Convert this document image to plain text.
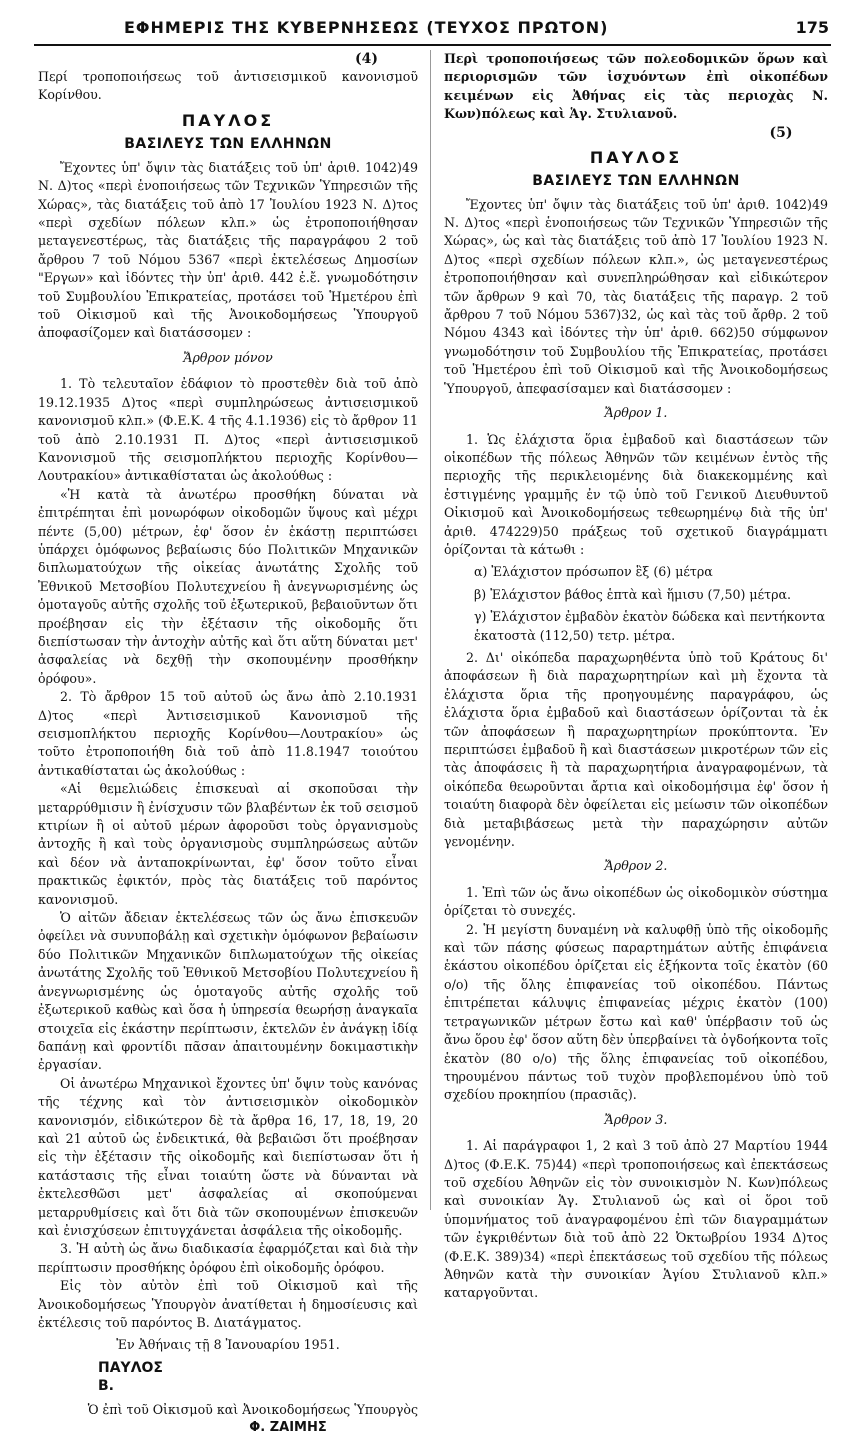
ΕΦΗΜΕΡΙΣ ΤΗΣ ΚΥΒΕΡΝΗΣΕΩΣ (ΤΕΥΧΟΣ ΠΡΩΤΟΝ)	175
(4)

Περί τροποποιήσεως τοῦ ἀντισεισμικοῦ κανονισμοῦ Κορίνθου.

ΠΑΥΛΟΣ
ΒΑΣΙΛΕΥΣ ΤΩΝ ΕΛΛΗΝΩΝ

Ἔχοντες ὑπ' ὄψιν τὰς διατάξεις τοῦ ὑπ' ἀριθ. 1042)49 Ν. Δ)τος «περὶ ἑνοποιήσεως τῶν Τεχνικῶν Ὑπηρεσιῶν τῆς Χώρας», τὰς διατάξεις τοῦ ἀπὸ 17 Ἰουλίου 1923 Ν. Δ)τος «περὶ σχεδίων πόλεων κλπ.» ὡς ἐτροποποιήθησαν μεταγενεστέρως, τὰς διατάξεις τῆς παραγράφου 2 τοῦ ἄρθρου 7 τοῦ Νόμου 5367 «περὶ ἐκτελέσεως Δημοσίων "Εργων» καὶ ἰδόντες τὴν ὑπ' ἀριθ. 442 ἐ.ἔ. γνωμοδότησιν τοῦ Συμβουλίου Ἐπικρατείας, προτάσει τοῦ Ἡμετέρου ἐπὶ τοῦ Οἰκισμοῦ καὶ τῆς Ἀνοικοδομήσεως Ὑπουργοῦ ἀποφασίζομεν καὶ διατάσσομεν :

Ἄρθρον μόνον

1. Τὸ τελευταῖον ἐδάφιον τὸ προστεθὲν διὰ τοῦ ἀπὸ 19.12.1935 Δ)τος «περὶ συμπληρώσεως ἀντισεισμικοῦ κανονισμοῦ κλπ.» (Φ.Ε.Κ. 4 τῆς 4.1.1936) εἰς τὸ ἄρθρον 11 τοῦ ἀπὸ 2.10.1931 Π. Δ)τος «περὶ ἀντισεισμικοῦ Κανονισμοῦ τῆς σεισμοπλήκτου περιοχῆς Κορίνθου—Λουτρακίου» ἀντικαθίσταται ὡς ἀκολούθως :

«Ἡ κατὰ τὰ ἀνωτέρω προσθήκη δύναται νὰ ἐπιτρέπηται ἐπὶ μονωρόφων οἰκοδομῶν ὕψους καὶ μέχρι πέντε (5,00) μέτρων, ἐφ' ὅσον ἐν ἑκάστῃ περιπτώσει ὑπάρχει ὁμόφωνος βεβαίωσις δύο Πολιτικῶν Μηχανικῶν διπλωματούχων τῆς οἰκείας ἀνωτάτης Σχολῆς τοῦ Ἐθνικοῦ Μετσοβίου Πολυτεχνείου ἢ ἀνεγνωρισμένης ὡς ὁμοταγοῦς αὐτῆς σχολῆς τοῦ ἐξωτερικοῦ, βεβαιοῦντων ὅτι προέβησαν εἰς τὴν ἐξέτασιν τῆς οἰκοδομῆς ὅτι διεπίστωσαν τὴν ἀντοχὴν αὐτῆς καὶ ὅτι αὕτη δύναται μετ' ἀσφαλείας νὰ δεχθῇ τὴν σκοπουμένην προσθήκην ὀρόφου».

2. Τὸ ἄρθρον 15 τοῦ αὐτοῦ ὡς ἄνω ἀπὸ 2.10.1931 Δ)τος «περὶ Ἀντισεισμικοῦ Κανονισμοῦ τῆς σεισμοπλήκτου περιοχῆς Κορίνθου—Λουτρακίου» ὡς τοῦτο ἐτροποποιήθη διὰ τοῦ ἀπὸ 11.8.1947 τοιούτου ἀντικαθίσταται ὡς ἀκολούθως :

«Αἱ θεμελιώδεις ἐπισκευαὶ αἱ σκοποῦσαι τὴν μεταρρύθμισιν ἢ ἐνίσχυσιν τῶν βλαβέντων ἐκ τοῦ σεισμοῦ κτιρίων ἢ οἱ αὐτοῦ μέρων ἀφοροῦσι τοὺς ὀργανισμοὺς ἀντοχῆς ἢ καὶ τοὺς ὀργανισμοὺς συμπληρώσεως αὐτῶν καὶ δέον νὰ ἀνταποκρίνωνται, ἐφ' ὅσον τοῦτο εἶναι πρακτικῶς ἐφικτόν, πρὸς τὰς διατάξεις τοῦ παρόντος κανονισμοῦ.

Ὁ αἰτῶν ἄδειαν ἐκτελέσεως τῶν ὡς ἄνω ἐπισκευῶν ὀφείλει νὰ συνυποβάλῃ καὶ σχετικὴν ὁμόφωνον βεβαίωσιν δύο Πολιτικῶν Μηχανικῶν διπλωματούχων τῆς οἰκείας ἀνωτάτης Σχολῆς τοῦ Ἐθνικοῦ Μετσοβίου Πολυτεχνείου ἢ ἀνεγνωρισμένης ὡς ὁμοταγοῦς αὐτῆς σχολῆς τοῦ ἐξωτερικοῦ καθὼς καὶ ὅσα ἡ ὑπηρεσία θεωρήσῃ ἀναγκαῖα στοιχεῖα εἰς ἑκάστην περίπτωσιν, ἐκτελῶν ἐν ἀνάγκῃ ἰδίᾳ δαπάνῃ καὶ φροντίδι πᾶσαν ἀπαιτουμένην δοκιμαστικὴν ἐργασίαν.

Οἱ ἀνωτέρω Μηχανικοὶ ἔχοντες ὑπ' ὄψιν τοὺς κανόνας τῆς τέχνης καὶ τὸν ἀντισεισμικὸν οἰκοδομικὸν κανονισμόν, εἰδικώτερον δὲ τὰ ἄρθρα 16, 17, 18, 19, 20 καὶ 21 αὐτοῦ ὡς ἐνδεικτικά, θὰ βεβαιῶσι ὅτι προέβησαν εἰς τὴν ἐξέτασιν τῆς οἰκοδομῆς καὶ διεπίστωσαν ὅτι ἡ κατάστασις τῆς εἶναι τοιαύτη ὥστε νὰ δύνανται νὰ ἐκτελεσθῶσι μετ' ἀσφαλείας αἱ σκοπούμεναι μεταρρυθμίσεις καὶ ὅτι διὰ τῶν σκοπουμένων ἐπισκευῶν καὶ ἐνισχύσεων ἐπιτυγχάνεται ἀσφάλεια τῆς οἰκοδομῆς.

3. Ἡ αὐτὴ ὡς ἄνω διαδικασία ἐφαρμόζεται καὶ διὰ τὴν περίπτωσιν προσθήκης ὀρόφου ἐπὶ οἰκοδομῆς ὀρόφου.

Εἰς τὸν αὐτὸν ἐπὶ τοῦ Οἰκισμοῦ καὶ τῆς Ἀνοικοδομήσεως Ὑπουργὸν ἀνατίθεται ἡ δημοσίευσις καὶ ἐκτέλεσις τοῦ παρόντος Β. Διατάγματος.

Ἐν Ἀθήναις τῇ 8 Ἰανουαρίου 1951.
ΠΑΥΛΟΣ
Β.
Ὁ ἐπὶ τοῦ Οἰκισμοῦ καὶ Ἀνοικοδομήσεως Ὑπουργὸς
Φ. ΖΑΙΜΗΣ

Περὶ τροποποιήσεως τῶν πολεοδομικῶν ὅρων καὶ περιορισμῶν τῶν ἰσχυόντων ἐπὶ οἰκοπέδων κειμένων εἰς Ἀθήνας εἰς τὰς περιοχὰς Ν. Κων)πόλεως καὶ Ἁγ. Στυλιανοῦ.

(5)
ΠΑΥΛΟΣ
ΒΑΣΙΛΕΥΣ ΤΩΝ ΕΛΛΗΝΩΝ

Ἔχοντες ὑπ' ὄψιν τὰς διατάξεις τοῦ ὑπ' ἀριθ. 1042)49 Ν. Δ)τος «περὶ ἑνοποιήσεως τῶν Τεχνικῶν Ὑπηρεσιῶν τῆς Χώρας», ὡς καὶ τὰς διατάξεις τοῦ ἀπὸ 17 Ἰουλίου 1923 Ν. Δ)τος «περὶ σχεδίων πόλεων κλπ.», ὡς μεταγενεστέρως ἐτροποποιήθησαν καὶ συνεπληρώθησαν καὶ εἰδικώτερον τῶν ἄρθρων 9 καὶ 70, τὰς διατάξεις τῆς παραγρ. 2 τοῦ ἄρθρου 7 τοῦ Νόμου 5367)32, ὡς καὶ τὰς τοῦ ἄρθρ. 2 τοῦ Νόμου 4343 καὶ ἰδόντες τὴν ὑπ' ἀριθ. 662)50 σύμφωνον γνωμοδότησιν τοῦ Συμβουλίου τῆς Ἐπικρατείας, προτάσει τοῦ Ἡμετέρου ἐπὶ τοῦ Οἰκισμοῦ καὶ τῆς Ἀνοικοδομήσεως Ὑπουργοῦ, ἀπεφασίσαμεν καὶ διατάσσομεν :

Ἄρθρον 1.

1. Ὡς ἐλάχιστα ὅρια ἐμβαδοῦ καὶ διαστάσεων τῶν οἰκοπέδων τῆς πόλεως Ἀθηνῶν τῶν κειμένων ἐντὸς τῆς περιοχῆς τῆς περικλειομένης διὰ διακεκομμένης καὶ ἐστιγμένης γραμμῆς ἐν τῷ ὑπὸ τοῦ Γενικοῦ Διευθυντοῦ Οἰκισμοῦ καὶ Ἀνοικοδομήσεως τεθεωρημένῳ διὰ τῆς ὑπ' ἀριθ. 474229)50 πράξεως τοῦ σχετικοῦ διαγράμματι ὁρίζονται τὰ κάτωθι :

α) Ἐλάχιστον πρόσωπον ἓξ (6) μέτρα

β) Ἐλάχιστον βάθος ἑπτὰ καὶ ἥμισυ (7,50) μέτρα.

γ) Ἐλάχιστον ἐμβαδὸν ἑκατὸν δώδεκα καὶ πεντήκοντα ἑκατοστὰ (112,50) τετρ. μέτρα.

2. Δι' οἰκόπεδα παραχωρηθέντα ὑπὸ τοῦ Κράτους δι' ἀποφάσεων ἢ διὰ παραχωρητηρίων καὶ μὴ ἔχοντα τὰ ἐλάχιστα ὅρια τῆς προηγουμένης παραγράφου, ὡς ἐλάχιστα ὅρια ἐμβαδοῦ καὶ διαστάσεων ὁρίζονται τὰ ἐκ τῶν ἀποφάσεων ἢ παραχωρητηρίων προκύπτοντα. Ἐν περιπτώσει ἐμβαδοῦ ἢ καὶ διαστάσεων μικροτέρων τῶν εἰς τὰς ἀποφάσεις ἢ τὰ παραχωρητήρια ἀναγραφομένων, τὰ οἰκόπεδα θεωροῦνται ἄρτια καὶ οἰκοδομήσιμα ἐφ' ὅσον ἡ τοιαύτη διαφορὰ δὲν ὀφείλεται εἰς μείωσιν τῶν οἰκοπέδων διὰ μεταβιβάσεως μετὰ τὴν παραχώρησιν αὐτῶν γενομένην.

Ἄρθρον 2.

1. Ἐπὶ τῶν ὡς ἄνω οἰκοπέδων ὡς οἰκοδομικὸν σύστημα ὁρίζεται τὸ συνεχές.

2. Ἡ μεγίστη δυναμένη νὰ καλυφθῇ ὑπὸ τῆς οἰκοδομῆς καὶ τῶν πάσης φύσεως παραρτημάτων αὐτῆς ἐπιφάνεια ἑκάστου οἰκοπέδου ὁρίζεται εἰς ἑξήκοντα τοῖς ἑκατὸν (60 ο/ο) τῆς ὅλης ἐπιφανείας τοῦ οἰκοπέδου. Πάντως ἐπιτρέπεται κάλυψις ἐπιφανείας μέχρις ἑκατὸν (100) τετραγωνικῶν μέτρων ἔστω καὶ καθ' ὑπέρβασιν τοῦ ὡς ἄνω ὅρου ἐφ' ὅσον αὕτη δὲν ὑπερβαίνει τὰ ὀγδοήκοντα τοῖς ἑκατὸν (80 ο/ο) τῆς ὅλης ἐπιφανείας τοῦ οἰκοπέδου, τηρουμένου πάντως τοῦ τυχὸν προβλεπομένου ὑπὸ τοῦ σχεδίου προκηπίου (πρασιᾶς).

Ἄρθρον 3.

1. Αἱ παράγραφοι 1, 2 καὶ 3 τοῦ ἀπὸ 27 Μαρτίου 1944 Δ)τος (Φ.Ε.Κ. 75)44) «περὶ τροποποιήσεως καὶ ἐπεκτάσεως τοῦ σχεδίου Ἀθηνῶν εἰς τὸν συνοικισμὸν Ν. Κων)πόλεως καὶ συνοικίαν Ἁγ. Στυλιανοῦ ὡς καὶ οἱ ὅροι τοῦ ὑπομνήματος τοῦ ἀναγραφομένου ἐπὶ τῶν διαγραμμάτων τῶν ἐγκριθέντων διὰ τοῦ ἀπὸ 22 Ὀκτωβρίου 1934 Δ)τος (Φ.Ε.Κ. 389)34) «περὶ ἐπεκτάσεως τοῦ σχεδίου τῆς πόλεως Ἀθηνῶν κατὰ τὴν συνοικίαν Ἁγίου Στυλιανοῦ κλπ.» καταργοῦνται.
